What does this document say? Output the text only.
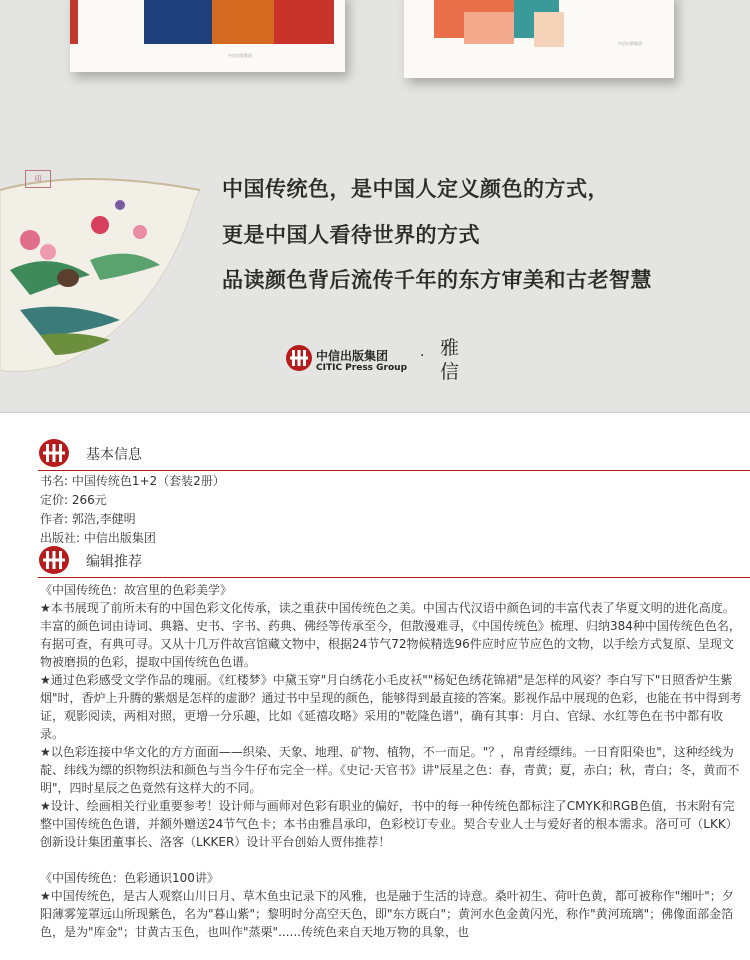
中信出版集团
中信出版集团
印	中国传统色，是中国人定义颜色的方式，
更是中国人看待世界的方式
品读颜色背后流传千年的东方审美和古老智慧
中信出版集团
CITIC Press Group
· 雅信
基本信息
书名: 中国传统色1+2（套装2册）
定价: 266元
作者: 郭浩,李健明
出版社: 中信出版集团
编辑推荐

《中国传统色：故宫里的色彩美学》

★本书展现了前所未有的中国色彩文化传承，读之重获中国传统色之美。中国古代汉语中颜色词的丰富代表了华夏文明的进化高度。丰富的颜色词由诗词、典籍、史书、字书、药典、佛经等传承至今，但散漫难寻，《中国传统色》梳理、归纳384种中国传统色色名，有据可查，有典可寻。又从十几万件故宫馆藏文物中，根据24节气72物候精选96件应时应节应色的文物，以手绘方式复原、呈现文物被磨损的色彩，提取中国传统色色谱。

★通过色彩感受文学作品的瑰丽。《红楼梦》中黛玉穿"月白绣花小毛皮袄""杨妃色绣花锦裙"是怎样的风姿？李白写下"日照香炉生紫烟"时，香炉上升腾的紫烟是怎样的虚渺？通过书中呈现的颜色，能够得到最直接的答案。影视作品中展现的色彩，也能在书中得到考证，观影阅读，两相对照，更增一分乐趣，比如《延禧攻略》采用的"乾隆色谱"，确有其事：月白、官绿、水红等色在书中都有收录。

★以色彩连接中华文化的方方面面——织染、天象、地理、矿物、植物，不一而足。"？，帛青经缥纬。一日育阳染也"，这种经线为靛、纬线为缥的织物织法和颜色与当今牛仔布完全一样。《史记·天官书》讲"辰星之色：春，青黄；夏，赤白；秋，青白；冬，黄而不明"，四时星辰之色竟然有这样大的不同。

★设计、绘画相关行业重要参考！设计师与画师对色彩有职业的偏好，书中的每一种传统色都标注了CMYK和RGB色值，书末附有完整中国传统色色谱，并额外赠送24节气色卡；本书由雅昌承印，色彩校订专业。契合专业人士与爱好者的根本需求。洛可可（LKK）创新设计集团董事长、洛客（LKKER）设计平台创始人贾伟推荐！

《中国传统色：色彩通识100讲》

★中国传统色，是古人观察山川日月、草木鱼虫记录下的风雅，也是融于生活的诗意。桑叶初生、荷叶色黄，都可被称作"缃叶"；夕阳薄雾笼罩远山所现紫色，名为"暮山紫"；黎明时分高空天色，即"东方既白"；黄河水色金黄闪光，称作"黄河琉璃"；佛像面部金箔色，是为"库金"；甘黄古玉色，也叫作"蒸栗"......传统色来自天地万物的具象，也
